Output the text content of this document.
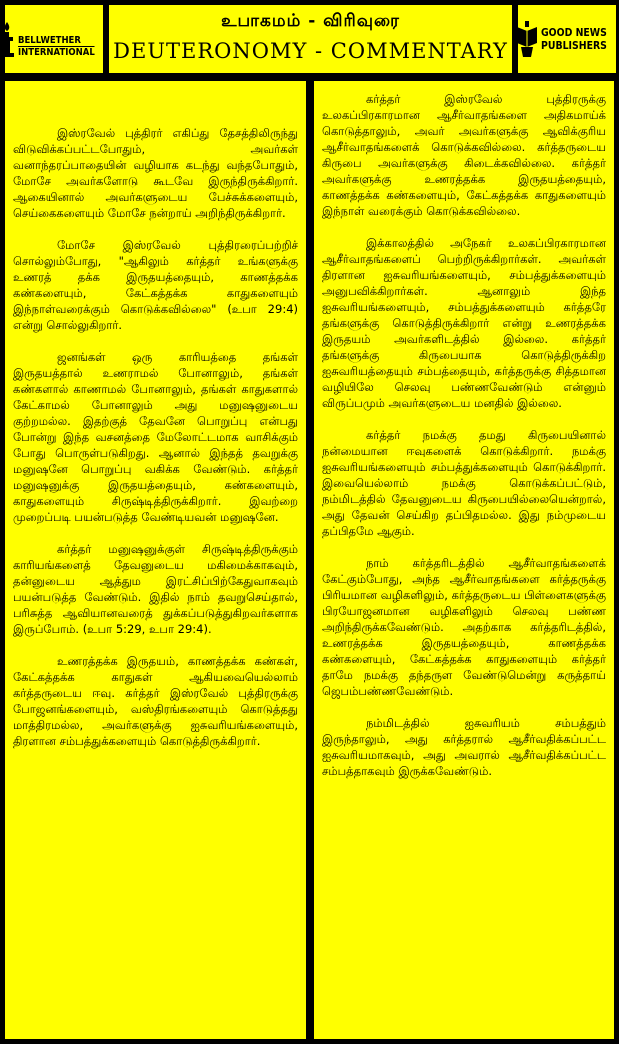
BELLWETHER
INTERNATIONAL
உபாகமம் - விரிவுரை
DEUTERONOMY - COMMENTARY
GOOD NEWS
PUBLISHERS

இஸ்ரவேல் புத்திரர் எகிப்து தேசத்திலிருந்து விடுவிக்கப்பட்டபோதும், அவர்கள் வனாந்தரப்பாதையின் வழியாக கடந்து வந்தபோதும், மோசே அவர்களோடு கூடவே இருந்திருக்கிறார். ஆகையினால் அவர்களுடைய பேச்சுக்களையும், செய்கைகளையும் மோசே நன்றாய் அறிந்திருக்கிறார்.

மோசே இஸ்ரவேல் புத்திரரைப்பற்றிச் சொல்லும்போது, "ஆகிலும் கர்த்தர் உங்களுக்கு உணரத் தக்க இருதயத்தையும், காணத்தக்க கண்களையும், கேட்கத்தக்க காதுகளையும் இந்நாள்வரைக்கும் கொடுக்கவில்லை" (உபா 29:4) என்று சொல்லுகிறார்.

ஜனங்கள் ஒரு காரியத்தை தங்கள் இருதயத்தால் உணராமல் போனாலும், தங்கள் கண்களால் காணாமல் போனாலும், தங்கள் காதுகளால் கேட்காமல் போனாலும் அது மனுஷனுடைய குற்றமல்ல. இதற்குத் தேவனே பொறுப்பு என்பது போன்று இந்த வசனத்தை மேலோட்டமாக வாசிக்கும் போது பொருள்படுகிறது. ஆனால் இந்தத் தவறுக்கு மனுஷனே பொறுப்பு வகிக்க வேண்டும். கர்த்தர் மனுஷனுக்கு இருதயத்தையும், கண்களையும், காதுகளையும் சிருஷ்டித்திருக்கிறார். இவற்றை முறைப்படி பயன்படுத்த வேண்டியவன் மனுஷனே.

கர்த்தர் மனுஷனுக்குள் சிருஷ்டித்திருக்கும் காரியங்களைத் தேவனுடைய மகிமைக்காகவும், தன்னுடைய ஆத்தும இரட்சிப்பிற்கேதுவாகவும் பயன்படுத்த வேண்டும். இதில் நாம் தவறுசெய்தால், பரிசுத்த ஆவியானவரைத் துக்கப்படுத்துகிறவர்களாக இருப்போம். (உபா 5:29, உபா 29:4).

உணரத்தக்க இருதயம், காணத்தக்க கண்கள், கேட்கத்தக்க காதுகள் ஆகியவையெல்லாம் கர்த்தருடைய ஈவு. கர்த்தர் இஸ்ரவேல் புத்திரருக்கு போஜனங்களையும், வஸ்திரங்களையும் கொடுத்தது மாத்திரமல்ல, அவர்களுக்கு ஐசுவரியங்களையும், திரளான சம்பத்துக்களையும் கொடுத்திருக்கிறார்.

கர்த்தர் இஸ்ரவேல் புத்திரருக்கு உலகப்பிரகாரமான ஆசீர்வாதங்களை அதிகமாய்க் கொடுத்தாலும், அவர் அவர்களுக்கு ஆவிக்குரிய ஆசீர்வாதங்களைக் கொடுக்கவில்லை. கர்த்தருடைய கிருபை அவர்களுக்கு கிடைக்கவில்லை. கர்த்தர் அவர்களுக்கு உணரத்தக்க இருதயத்தையும், காணத்தக்க கண்களையும், கேட்கத்தக்க காதுகளையும் இந்நாள் வரைக்கும் கொடுக்கவில்லை.

இக்காலத்தில் அநேகர் உலகப்பிரகாரமான ஆசீர்வாதங்களைப் பெற்றிருக்கிறார்கள். அவர்கள் திரளான ஐசுவரியங்களையும், சம்பத்துக்களையும் அனுபவிக்கிறார்கள். ஆனாலும் இந்த ஐசுவரியங்களையும், சம்பத்துக்களையும் கர்த்தரே தங்களுக்கு கொடுத்திருக்கிறார் என்று உணரத்தக்க இருதயம் அவர்களிடத்தில் இல்லை. கர்த்தர் தங்களுக்கு கிருபையாக கொடுத்திருக்கிற ஐசுவரியத்தையும் சம்பத்தையும், கர்த்தருக்கு சித்தமான வழியிலே செலவு பண்ணவேண்டும் என்னும் விருப்பமும் அவர்களுடைய மனதில் இல்லை.

கர்த்தர் நமக்கு தமது கிருபையினால் நன்மையான ஈவுகளைக் கொடுக்கிறார். நமக்கு ஐசுவரியங்களையும் சம்பத்துக்களையும் கொடுக்கிறார். இவையெல்லாம் நமக்கு கொடுக்கப்பட்டும், நம்மிடத்தில் தேவனுடைய கிருபையில்லையென்றால், அது தேவன் செய்கிற தப்பிதமல்ல. இது நம்முடைய தப்பிதமே ஆகும்.

நாம் கர்த்தரிடத்தில் ஆசீர்வாதங்களைக் கேட்கும்போது, அந்த ஆசீர்வாதங்களை கர்த்தருக்கு பிரியமான வழிகளிலும், கர்த்தருடைய பிள்ளைகளுக்கு பிரயோஜனமான வழிகளிலும் செலவு பண்ண அறிந்திருக்கவேண்டும். அதற்காக கர்த்தரிடத்தில், உணரத்தக்க இருதயத்தையும், காணத்தக்க கண்களையும், கேட்கத்தக்க காதுகளையும் கர்த்தர் தாமே நமக்கு தந்தருள வேண்டுமென்று கருத்தாய் ஜெபம்பண்ணவேண்டும்.

நம்மிடத்தில் ஐசுவரியம் சம்பத்தும் இருந்தாலும், அது கர்த்தரால் ஆசீர்வதிக்கப்பட்ட ஐசுவரியமாகவும், அது அவரால் ஆசீர்வதிக்கப்பட்ட சம்பத்தாகவும் இருக்கவேண்டும்.
